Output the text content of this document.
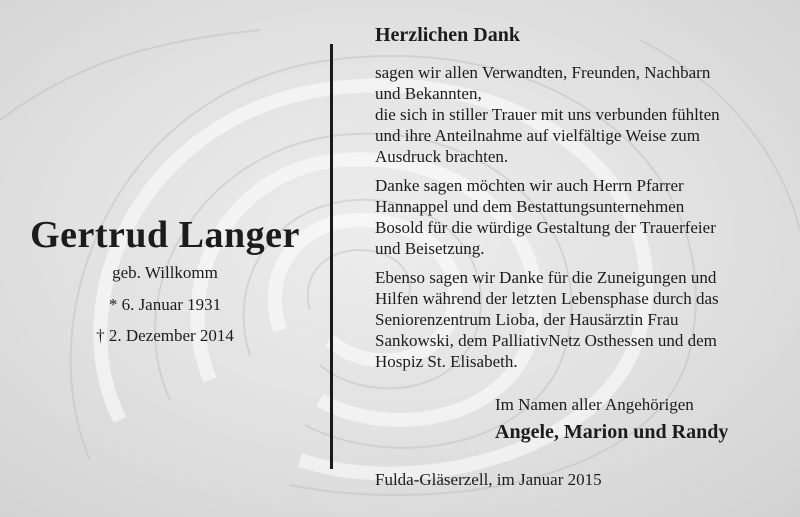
Gertrud Langer
geb. Willkomm
* 6. Januar 1931
† 2. Dezember 2014
Herzlichen Dank
sagen wir allen Verwandten, Freunden, Nachbarn
und Bekannten,
die sich in stiller Trauer mit uns verbunden fühlten
und ihre Anteilnahme auf vielfältige Weise zum
Ausdruck brachten.
Danke sagen möchten wir auch Herrn Pfarrer
Hannappel und dem Bestattungsunternehmen
Bosold für die würdige Gestaltung der Trauerfeier
und Beisetzung.
Ebenso sagen wir Danke für die Zuneigungen und
Hilfen während der letzten Lebensphase durch das
Seniorenzentrum Lioba, der Hausärztin Frau
Sankowski, dem PalliativNetz Osthessen und dem
Hospiz St. Elisabeth.
Im Namen aller Angehörigen
Angele, Marion und Randy
Fulda-Gläserzell, im Januar 2015
